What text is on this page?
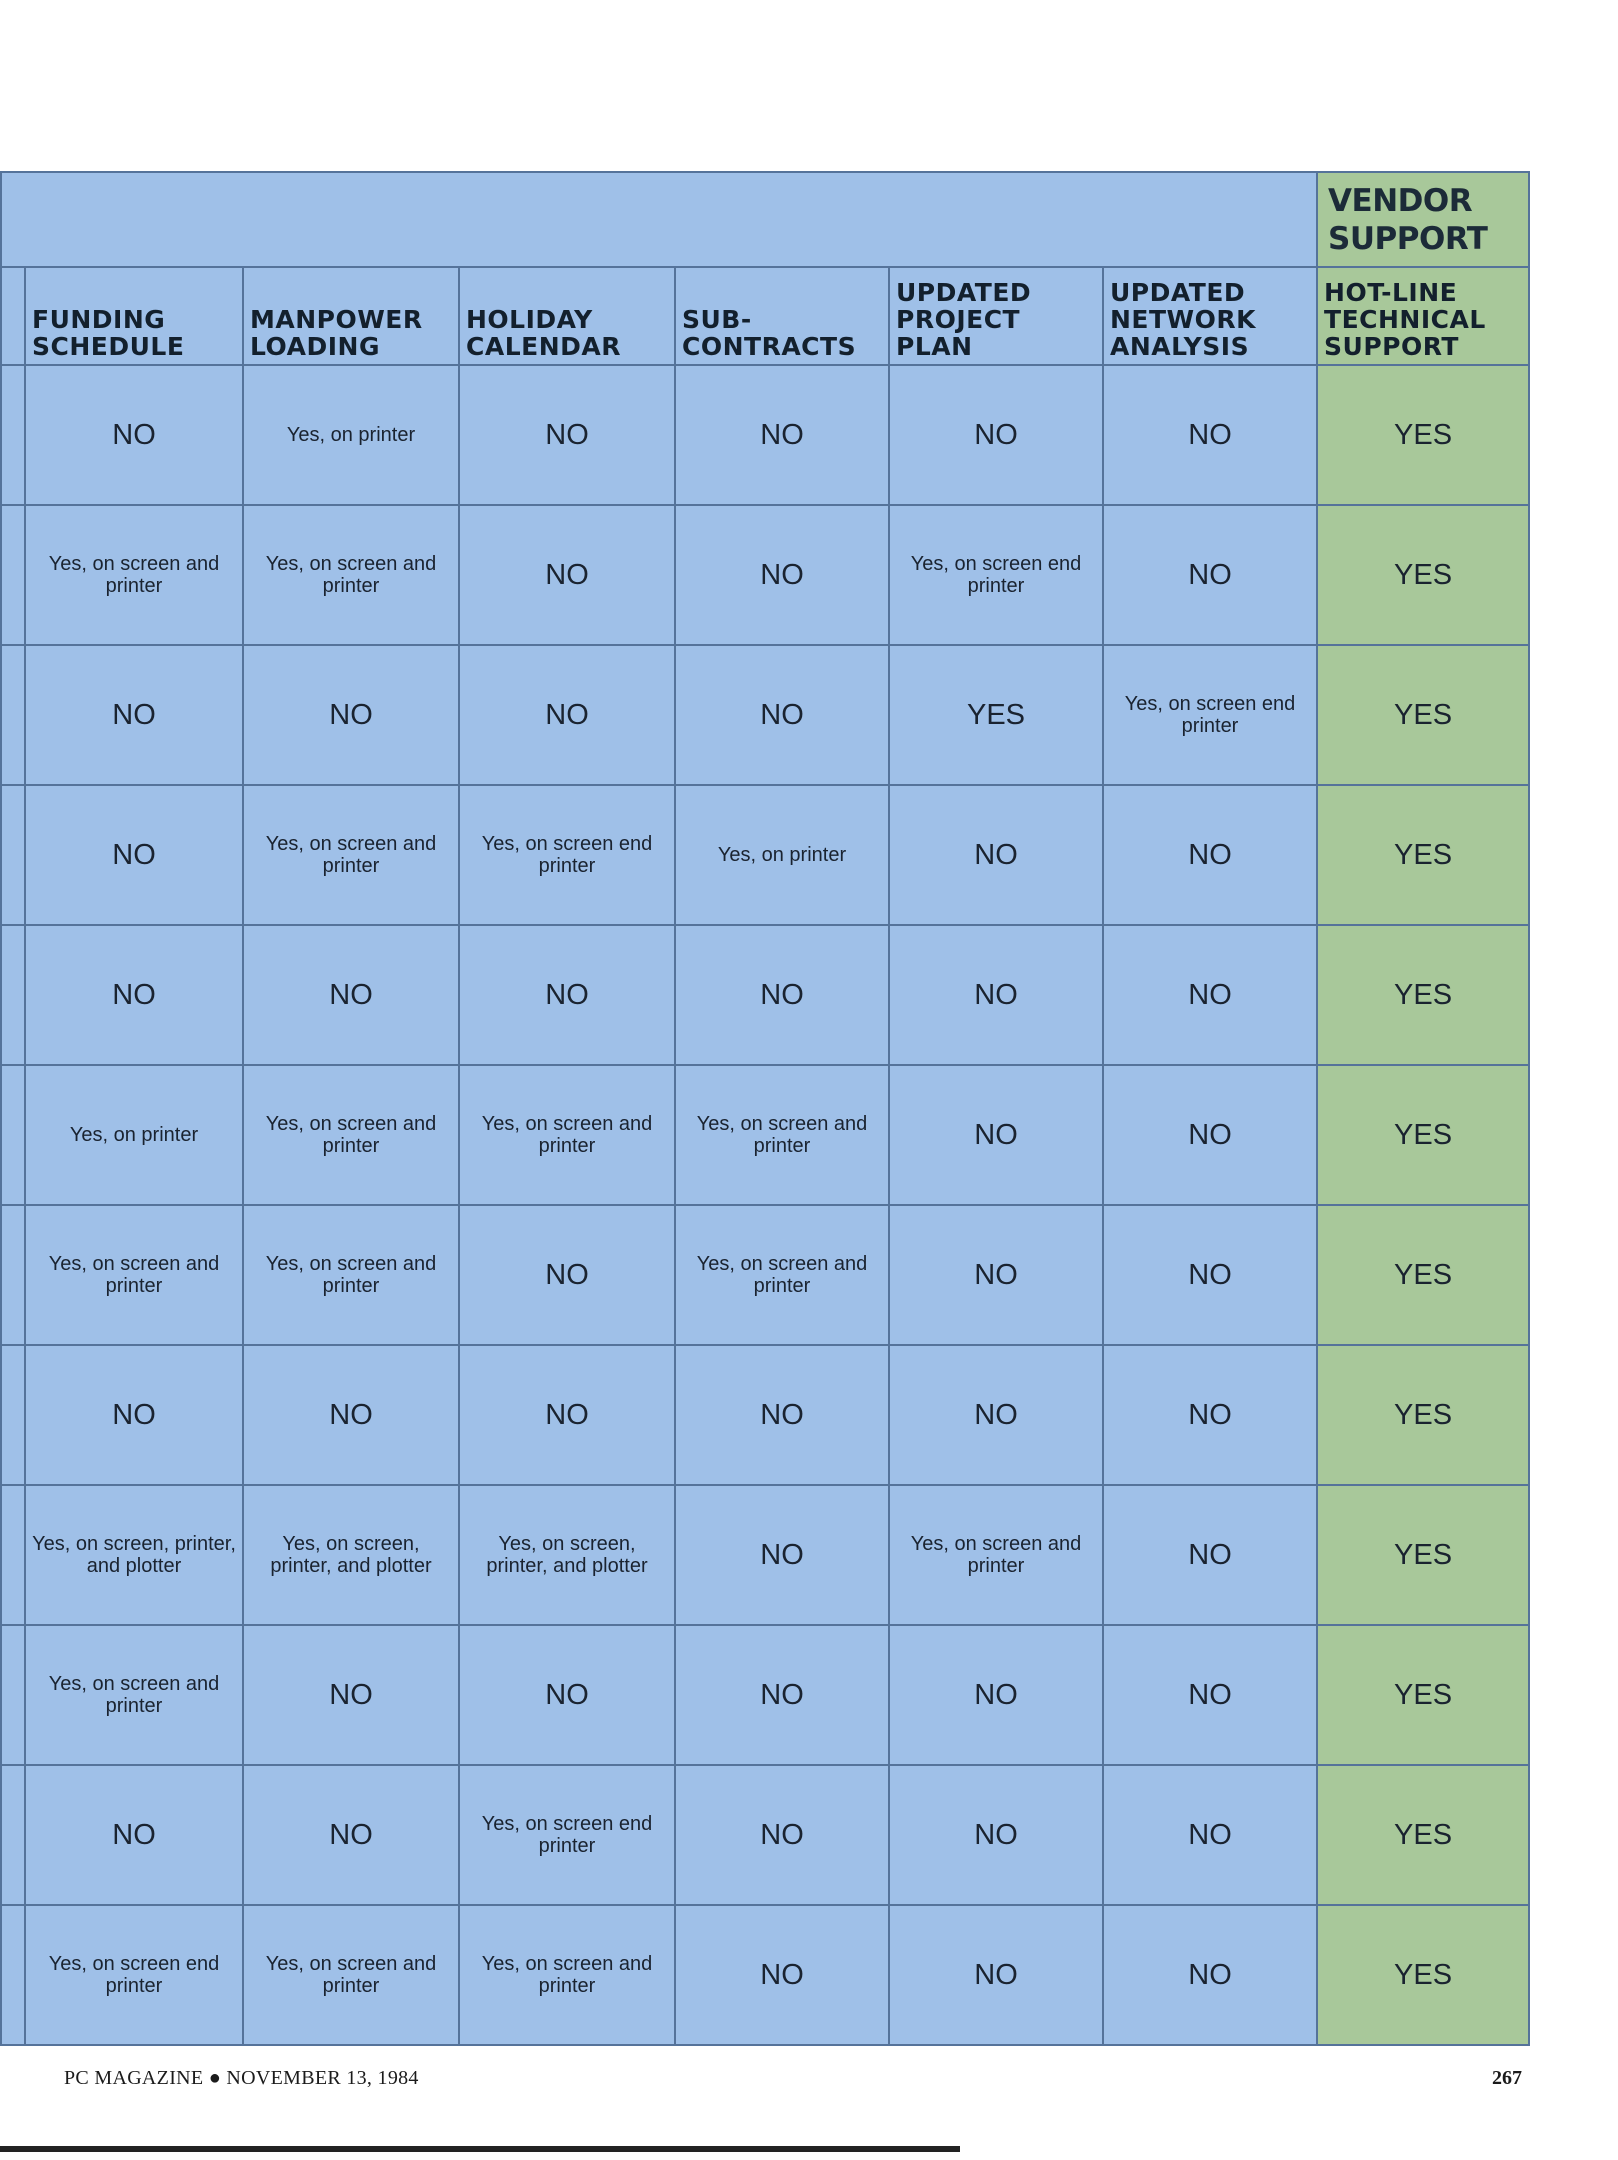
							VENDOR SUPPORT
	FUNDING SCHEDULE	MANPOWER LOADING	HOLIDAY CALENDAR	SUB-CONTRACTS	UPDATED PROJECT PLAN	UPDATED NETWORK ANALYSIS	HOT-LINE TECHNICAL SUPPORT
	NO	Yes, on printer	NO	NO	NO	NO	YES
	Yes, on screen and printer	Yes, on screen and printer	NO	NO	Yes, on screen end printer	NO	YES
	NO	NO	NO	NO	YES	Yes, on screen end printer	YES
	NO	Yes, on screen and printer	Yes, on screen end printer	Yes, on printer	NO	NO	YES
	NO	NO	NO	NO	NO	NO	YES
	Yes, on printer	Yes, on screen and printer	Yes, on screen and printer	Yes, on screen and printer	NO	NO	YES
	Yes, on screen and printer	Yes, on screen and printer	NO	Yes, on screen and printer	NO	NO	YES
	NO	NO	NO	NO	NO	NO	YES
	Yes, on screen, printer, and plotter	Yes, on screen, printer, and plotter	Yes, on screen, printer, and plotter	NO	Yes, on screen and printer	NO	YES
	Yes, on screen and printer	NO	NO	NO	NO	NO	YES
	NO	NO	Yes, on screen end printer	NO	NO	NO	YES
	Yes, on screen end printer	Yes, on screen and printer	Yes, on screen and printer	NO	NO	NO	YES
PC MAGAZINE ● NOVEMBER 13, 1984	267
